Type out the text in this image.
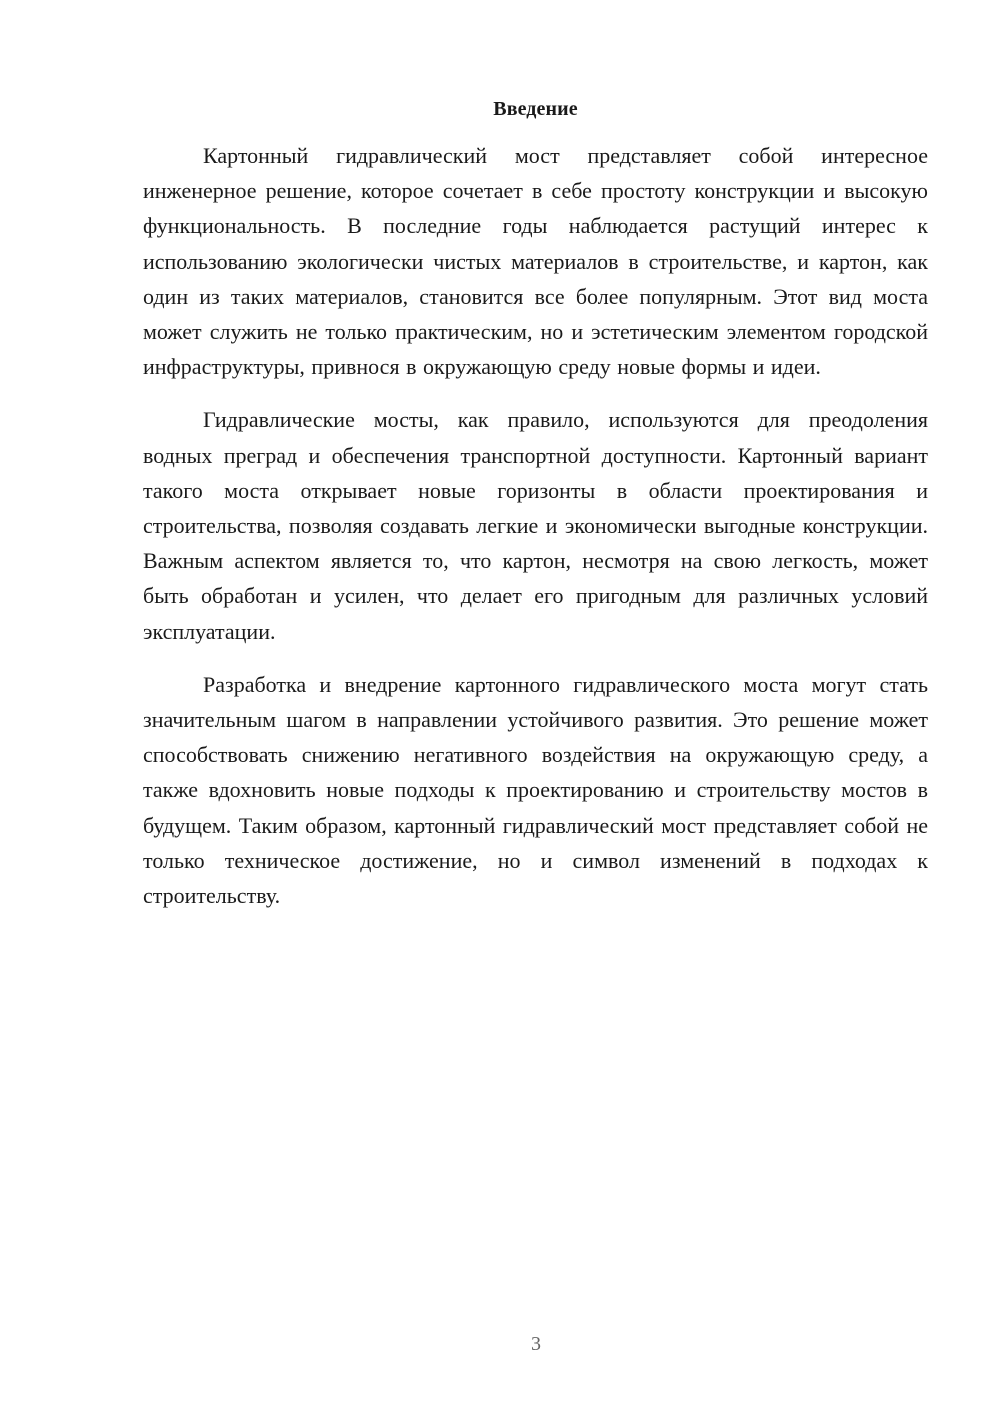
Введение

Картонный гидравлический мост представляет собой интересное инженерное решение, которое сочетает в себе простоту конструкции и высокую функциональность. В последние годы наблюдается растущий интерес к использованию экологически чистых материалов в строительстве, и картон, как один из таких материалов, становится все более популярным. Этот вид моста может служить не только практическим, но и эстетическим элементом городской инфраструктуры, привнося в окружающую среду новые формы и идеи.

Гидравлические мосты, как правило, используются для преодоления водных преград и обеспечения транспортной доступности. Картонный вариант такого моста открывает новые горизонты в области проектирования и строительства, позволяя создавать легкие и экономически выгодные конструкции. Важным аспектом является то, что картон, несмотря на свою легкость, может быть обработан и усилен, что делает его пригодным для различных условий эксплуатации.

Разработка и внедрение картонного гидравлического моста могут стать значительным шагом в направлении устойчивого развития. Это решение может способствовать снижению негативного воздействия на окружающую среду, а также вдохновить новые подходы к проектированию и строительству мостов в будущем. Таким образом, картонный гидравлический мост представляет собой не только техническое достижение, но и символ изменений в подходах к строительству.

3
